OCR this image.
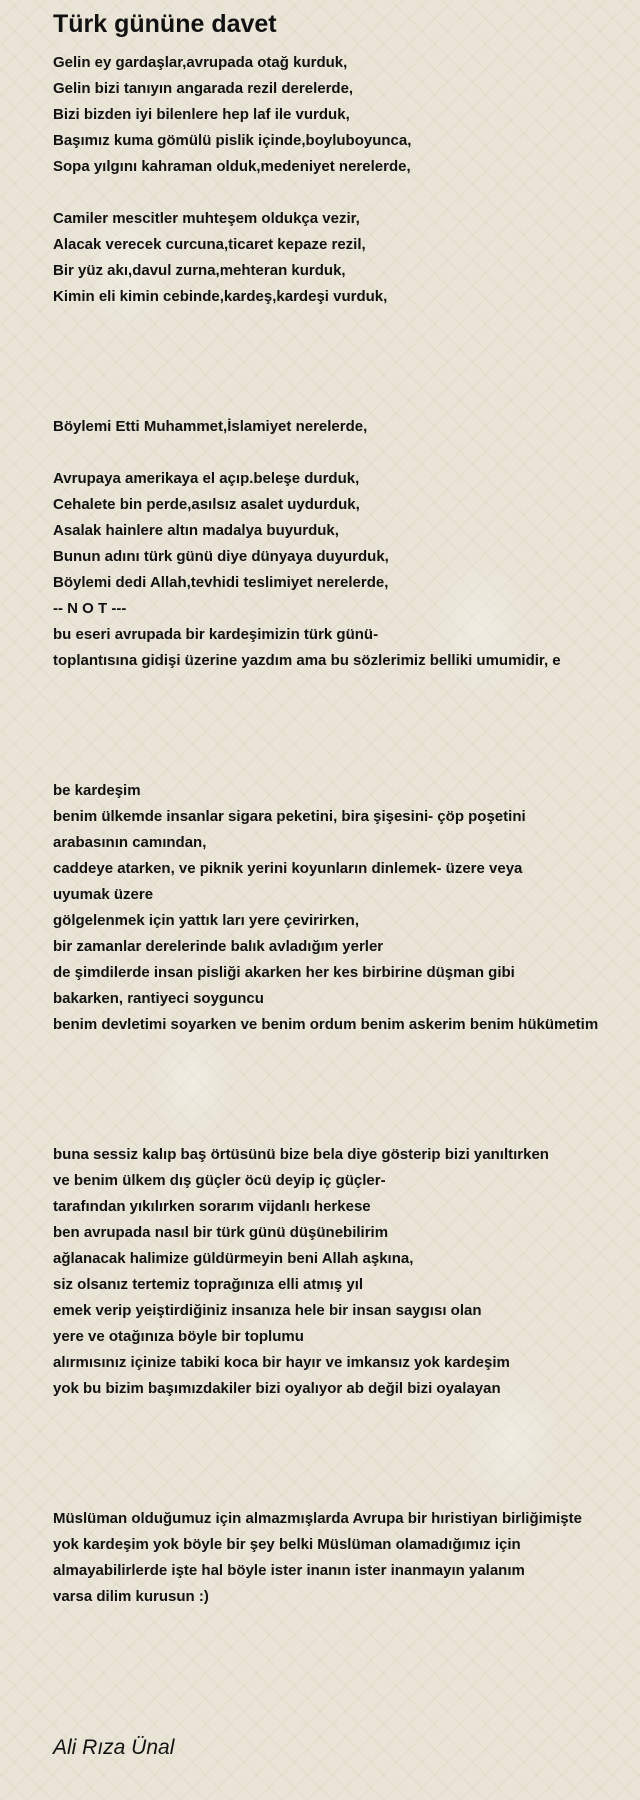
Türk gününe davet
Gelin ey gardaşlar,avrupada otağ kurduk,
Gelin bizi tanıyın angarada rezil derelerde,
Bizi bizden iyi bilenlere hep laf ile vurduk,
Başımız kuma gömülü pislik içinde,boyluboyunca,
Sopa yılgını kahraman olduk,medeniyet nerelerde,
Camiler mescitler muhteşem oldukça vezir,
Alacak verecek curcuna,ticaret kepaze rezil,
Bir yüz akı,davul zurna,mehteran kurduk,
Kimin eli kimin cebinde,kardeş,kardeşi vurduk,
Böylemi Etti Muhammet,İslamiyet nerelerde,
Avrupaya amerikaya el açıp.beleşe durduk,
Cehalete bin perde,asılsız asalet uydurduk,
Asalak hainlere altın madalya buyurduk,
Bunun adını türk günü diye dünyaya duyurduk,
Böylemi dedi Allah,tevhidi teslimiyet nerelerde,
-- N O T ---
bu eseri avrupada bir kardeşimizin türk günü-
toplantısına gidişi üzerine yazdım ama bu sözlerimiz belliki umumidir, e
be kardeşim
benim ülkemde insanlar sigara peketini, bira şişesini- çöp poşetini
arabasının camından,
caddeye atarken, ve piknik yerini koyunların dinlemek- üzere veya
uyumak üzere
gölgelenmek için yattık ları yere çevirirken,
bir zamanlar derelerinde balık avladığım yerler
de şimdilerde insan pisliği akarken her kes birbirine düşman gibi
bakarken, rantiyeci soyguncu
benim devletimi soyarken ve benim ordum benim askerim benim hükümetim
buna sessiz kalıp baş örtüsünü bize bela diye gösterip bizi yanıltırken
ve benim ülkem dış güçler öcü deyip iç güçler-
tarafından yıkılırken sorarım vijdanlı herkese
ben avrupada nasıl bir türk günü düşünebilirim
ağlanacak halimize güldürmeyin beni Allah aşkına,
siz olsanız tertemiz toprağınıza elli atmış yıl
emek verip yeiştirdiğiniz insanıza hele bir insan saygısı olan
yere ve otağınıza böyle bir toplumu
alırmısınız içinize tabiki koca bir hayır ve imkansız yok kardeşim
yok bu bizim başımızdakiler bizi oyalıyor ab değil bizi oyalayan
Müslüman olduğumuz için almazmışlarda Avrupa bir hıristiyan birliğimişte
yok kardeşim yok böyle bir şey belki Müslüman olamadığımız için
almayabilirlerde işte hal böyle ister inanın ister inanmayın yalanım
varsa dilim kurusun :)
Ali Rıza Ünal
